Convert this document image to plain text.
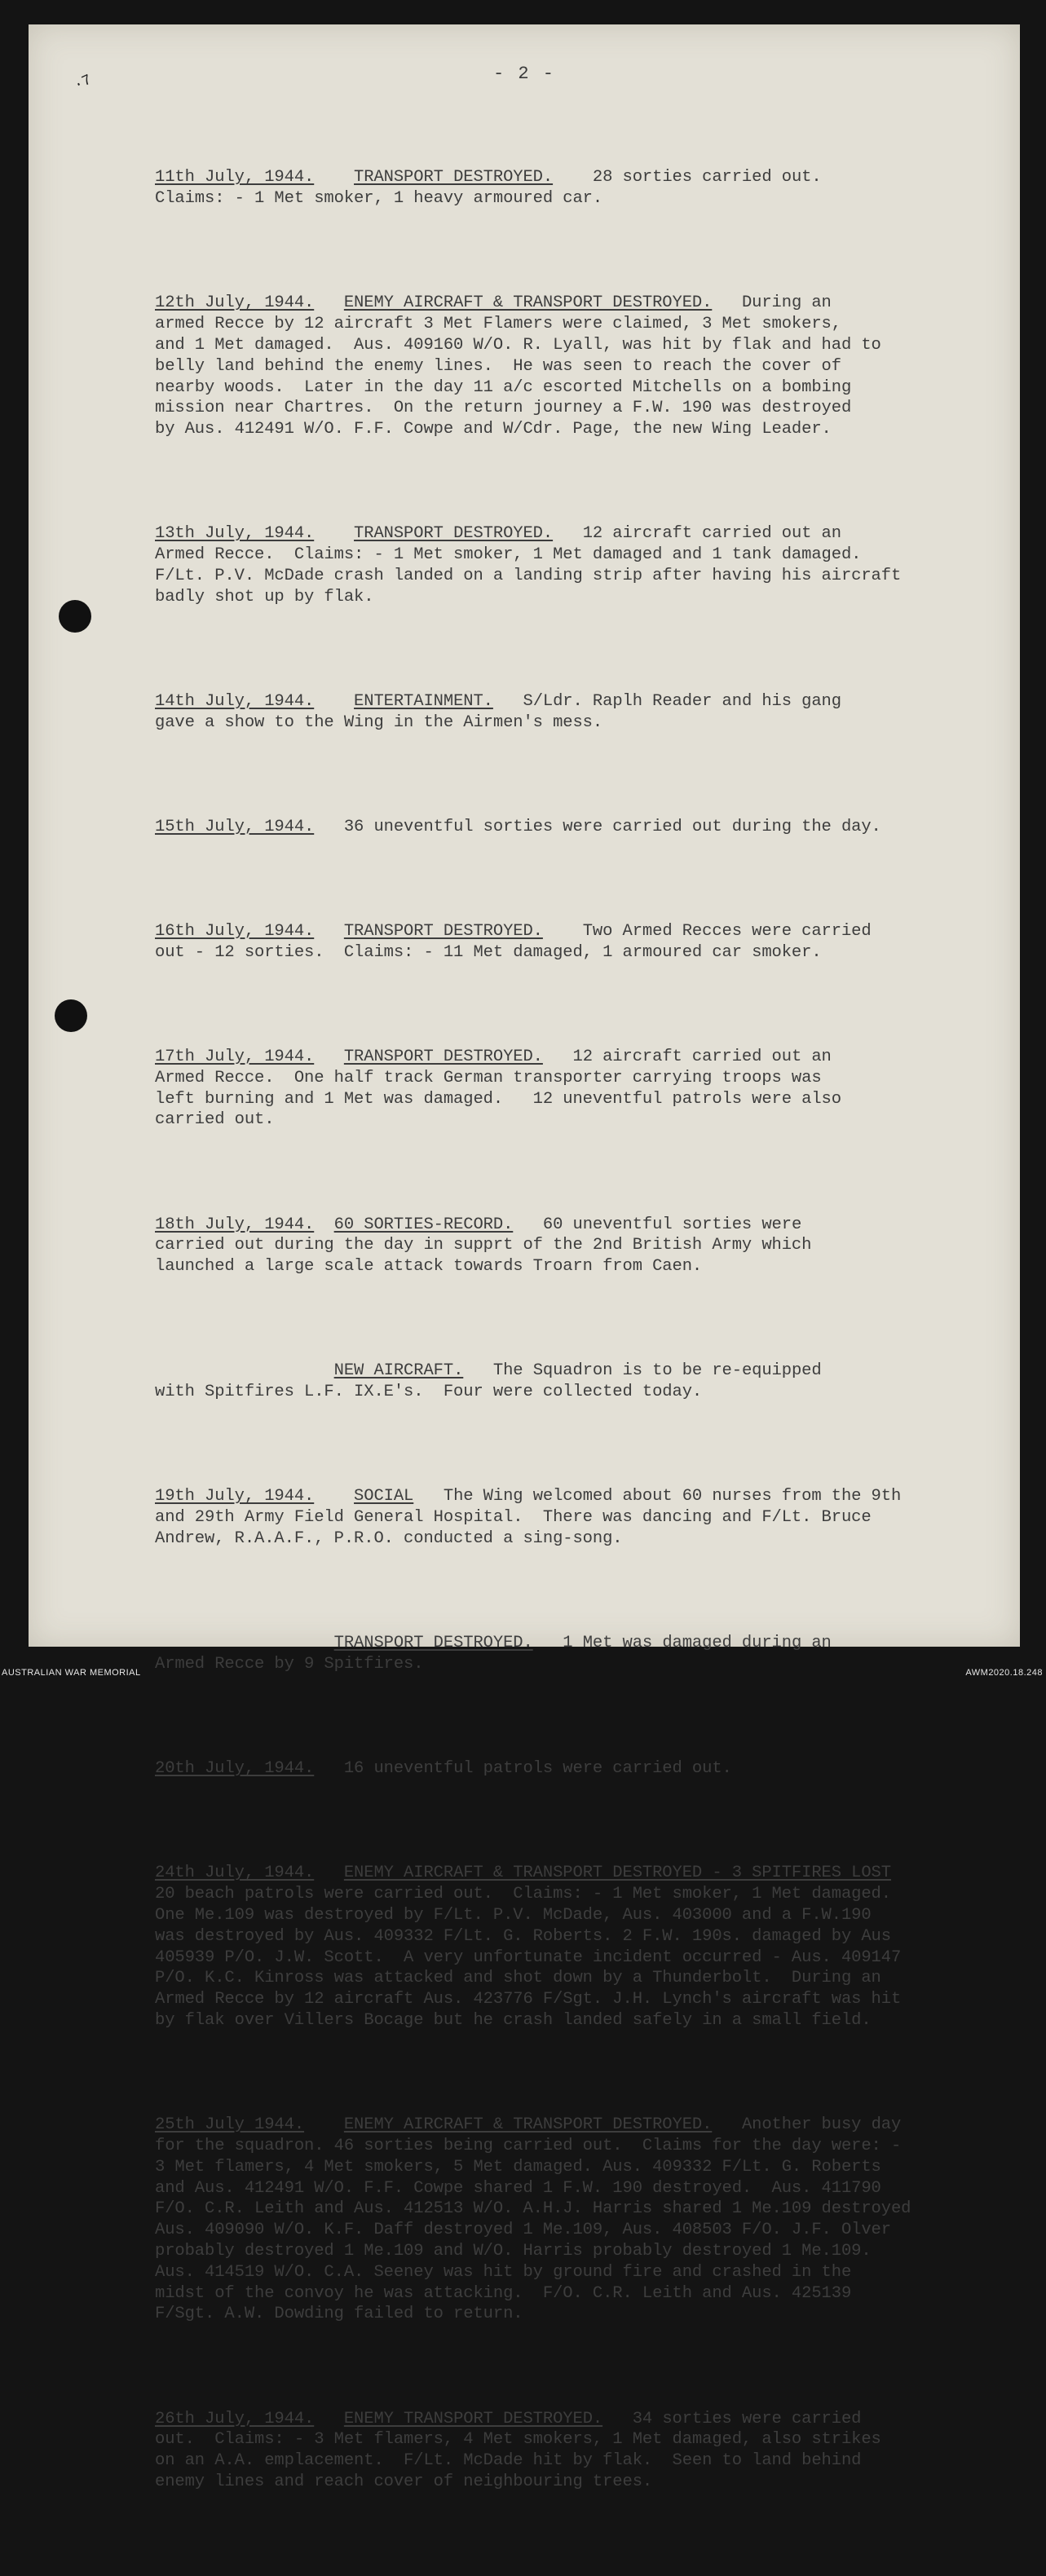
·7	- 2 -

11th July, 1944. TRANSPORT DESTROYED. 28 sorties carried out.
Claims: - 1 Met smoker, 1 heavy armoured car.

12th July, 1944. ENEMY AIRCRAFT & TRANSPORT DESTROYED. During an
armed Recce by 12 aircraft 3 Met Flamers were claimed, 3 Met smokers,
and 1 Met damaged.  Aus. 409160 W/O. R. Lyall, was hit by flak and had to
belly land behind the enemy lines.  He was seen to reach the cover of
nearby woods.  Later in the day 11 a/c escorted Mitchells on a bombing
mission near Chartres.  On the return journey a F.W. 190 was destroyed
by Aus. 412491 W/O. F.F. Cowpe and W/Cdr. Page, the new Wing Leader.

13th July, 1944. TRANSPORT DESTROYED. 12 aircraft carried out an
Armed Recce.  Claims: - 1 Met smoker, 1 Met damaged and 1 tank damaged.
F/Lt. P.V. McDade crash landed on a landing strip after having his aircraft
badly shot up by flak.

14th July, 1944. ENTERTAINMENT. S/Ldr. Raplh Reader and his gang
gave a show to the Wing in the Airmen's mess.

15th July, 1944. 36 uneventful sorties were carried out during the day.

16th July, 1944. TRANSPORT DESTROYED. Two Armed Recces were carried
out - 12 sorties.  Claims: - 11 Met damaged, 1 armoured car smoker.

17th July, 1944. TRANSPORT DESTROYED. 12 aircraft carried out an
Armed Recce.  One half track German transporter carrying troops was
left burning and 1 Met was damaged.   12 uneventful patrols were also
carried out.

18th July, 1944. 60 SORTIES-RECORD. 60 uneventful sorties were
carried out during the day in supprt of the 2nd British Army which
launched a large scale attack towards Troarn from Caen.

NEW AIRCRAFT. The Squadron is to be re-equipped
with Spitfires L.F. IX.E's.  Four were collected today.

19th July, 1944. SOCIAL The Wing welcomed about 60 nurses from the 9th
and 29th Army Field General Hospital.  There was dancing and F/Lt. Bruce
Andrew, R.A.A.F., P.R.O. conducted a sing-song.

TRANSPORT DESTROYED. 1 Met was damaged during an
Armed Recce by 9 Spitfires.

20th July, 1944. 16 uneventful patrols were carried out.

24th July, 1944. ENEMY AIRCRAFT & TRANSPORT DESTROYED - 3 SPITFIRES LOST
20 beach patrols were carried out.  Claims: - 1 Met smoker, 1 Met damaged.
One Me.109 was destroyed by F/Lt. P.V. McDade, Aus. 403000 and a F.W.190
was destroyed by Aus. 409332 F/Lt. G. Roberts. 2 F.W. 190s. damaged by Aus
405939 P/O. J.W. Scott.  A very unfortunate incident occurred - Aus. 409147
P/O. K.C. Kinross was attacked and shot down by a Thunderbolt.  During an
Armed Recce by 12 aircraft Aus. 423776 F/Sgt. J.H. Lynch's aircraft was hit
by flak over Villers Bocage but he crash landed safely in a small field.

25th July 1944. ENEMY AIRCRAFT & TRANSPORT DESTROYED. Another busy day
for the squadron. 46 sorties being carried out.  Claims for the day were: -
3 Met flamers, 4 Met smokers, 5 Met damaged. Aus. 409332 F/Lt. G. Roberts
and Aus. 412491 W/O. F.F. Cowpe shared 1 F.W. 190 destroyed.  Aus. 411790
F/O. C.R. Leith and Aus. 412513 W/O. A.H.J. Harris shared 1 Me.109 destroyed
Aus. 409090 W/O. K.F. Daff destroyed 1 Me.109, Aus. 408503 F/O. J.F. Olver
probably destroyed 1 Me.109 and W/O. Harris probably destroyed 1 Me.109.
Aus. 414519 W/O. C.A. Seeney was hit by ground fire and crashed in the
midst of the convoy he was attacking.  F/O. C.R. Leith and Aus. 425139
F/Sgt. A.W. Dowding failed to return.

26th July, 1944. ENEMY TRANSPORT DESTROYED. 34 sorties were carried
out.  Claims: - 3 Met flamers, 4 Met smokers, 1 Met damaged, also strikes
on an A.A. emplacement.  F/Lt. McDade hit by flak.  Seen to land behind
enemy lines and reach cover of neighbouring trees.

AUSTRALIAN WAR MEMORIAL	AWM2020.18.248
